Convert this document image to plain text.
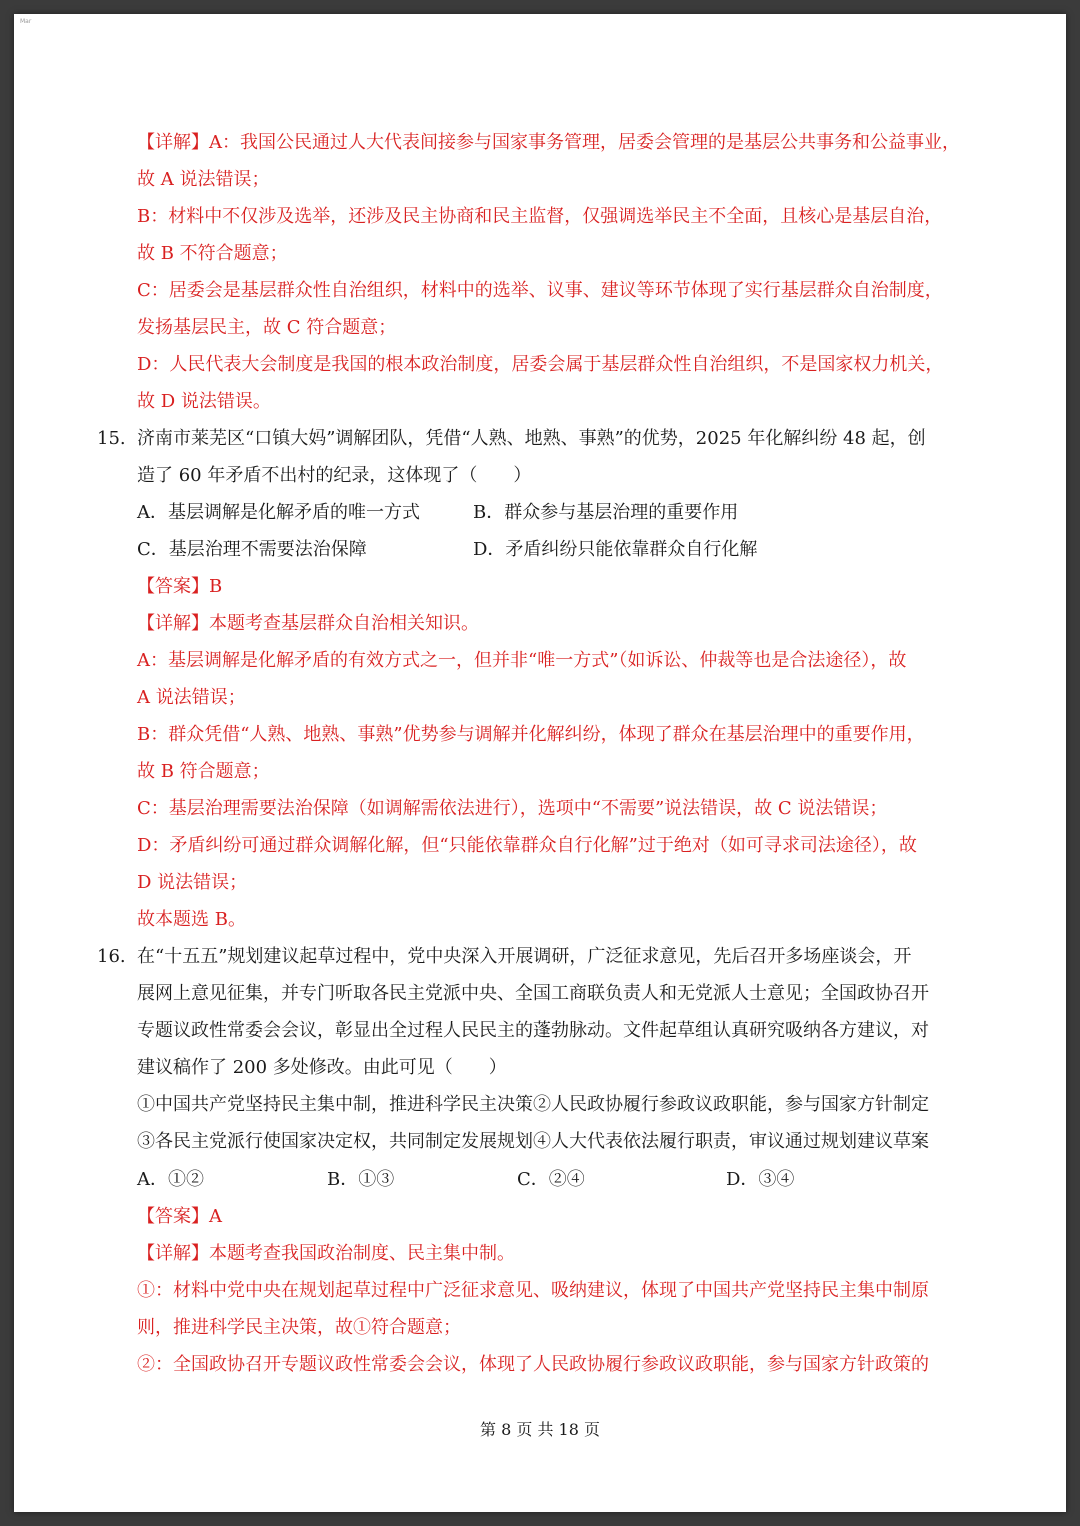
Mar
【详解】A：我国公民通过人大代表间接参与国家事务管理，居委会管理的是基层公共事务和公益事业，
故 A 说法错误；
B：材料中不仅涉及选举，还涉及民主协商和民主监督，仅强调选举民主不全面，且核心是基层自治，
故 B 不符合题意；
C：居委会是基层群众性自治组织，材料中的选举、议事、建议等环节体现了实行基层群众自治制度，
发扬基层民主，故 C 符合题意；
D：人民代表大会制度是我国的根本政治制度，居委会属于基层群众性自治组织，不是国家权力机关，
故 D 说法错误。
15. 济南市莱芜区“口镇大妈”调解团队，凭借“人熟、地熟、事熟”的优势，2025 年化解纠纷 48 起，创
造了 60 年矛盾不出村的纪录，这体现了（　　）
A．基层调解是化解矛盾的唯一方式	B．群众参与基层治理的重要作用
C．基层治理不需要法治保障	D．矛盾纠纷只能依靠群众自行化解
【答案】B
【详解】本题考查基层群众自治相关知识。
A：基层调解是化解矛盾的有效方式之一，但并非“唯一方式”（如诉讼、仲裁等也是合法途径），故
A 说法错误；
B：群众凭借“人熟、地熟、事熟”优势参与调解并化解纠纷，体现了群众在基层治理中的重要作用，
故 B 符合题意；
C：基层治理需要法治保障（如调解需依法进行），选项中“不需要”说法错误，故 C 说法错误；
D：矛盾纠纷可通过群众调解化解，但“只能依靠群众自行化解”过于绝对（如可寻求司法途径），故
D 说法错误；
故本题选 B。
16. 在“十五五”规划建议起草过程中，党中央深入开展调研，广泛征求意见，先后召开多场座谈会，开
展网上意见征集，并专门听取各民主党派中央、全国工商联负责人和无党派人士意见；全国政协召开
专题议政性常委会会议，彰显出全过程人民民主的蓬勃脉动。文件起草组认真研究吸纳各方建议，对
建议稿作了 200 多处修改。由此可见（　　）
①中国共产党坚持民主集中制，推进科学民主决策②人民政协履行参政议政职能，参与国家方针制定
③各民主党派行使国家决定权，共同制定发展规划④人大代表依法履行职责，审议通过规划建议草案
A．①②	B．①③	C．②④	D．③④
【答案】A
【详解】本题考查我国政治制度、民主集中制。
①：材料中党中央在规划起草过程中广泛征求意见、吸纳建议，体现了中国共产党坚持民主集中制原
则，推进科学民主决策，故①符合题意；
②：全国政协召开专题议政性常委会会议，体现了人民政协履行参政议政职能，参与国家方针政策的
第 8 页 共 18 页
